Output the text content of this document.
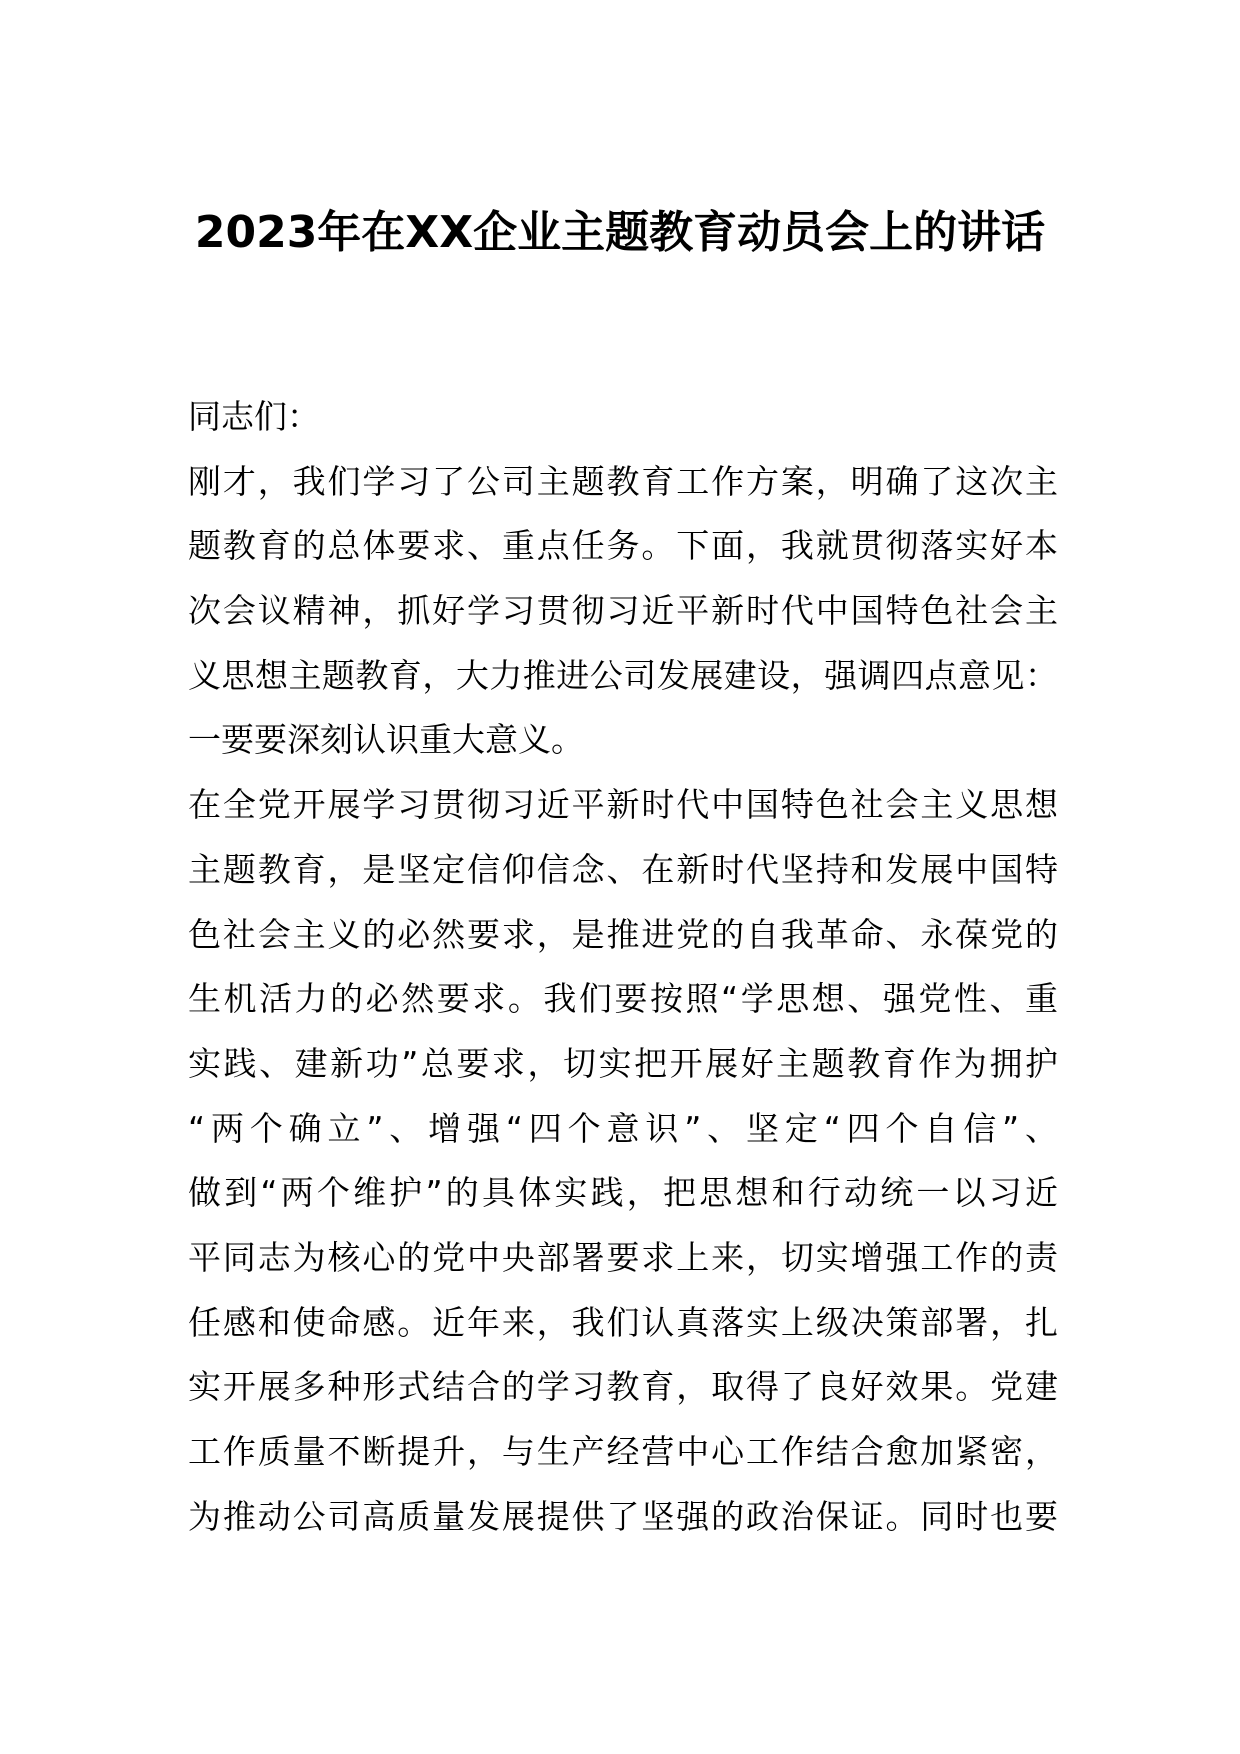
2023年在XX企业主题教育动员会上的讲话
同志们：
刚才，我们学习了公司主题教育工作方案，明确了这次主
题教育的总体要求、重点任务。下面，我就贯彻落实好本
次会议精神，抓好学习贯彻习近平新时代中国特色社会主
义思想主题教育，大力推进公司发展建设，强调四点意见：
一要要深刻认识重大意义。
在全党开展学习贯彻习近平新时代中国特色社会主义思想
主题教育，是坚定信仰信念、在新时代坚持和发展中国特
色社会主义的必然要求，是推进党的自我革命、永葆党的
生机活力的必然要求。我们要按照“学思想、强党性、重
实践、建新功”总要求，切实把开展好主题教育作为拥护
“两个确立”、增强“四个意识”、坚定“四个自信”、
做到“两个维护”的具体实践，把思想和行动统一以习近
平同志为核心的党中央部署要求上来，切实增强工作的责
任感和使命感。近年来，我们认真落实上级决策部署，扎
实开展多种形式结合的学习教育，取得了良好效果。党建
工作质量不断提升，与生产经营中心工作结合愈加紧密，
为推动公司高质量发展提供了坚强的政治保证。同时也要
